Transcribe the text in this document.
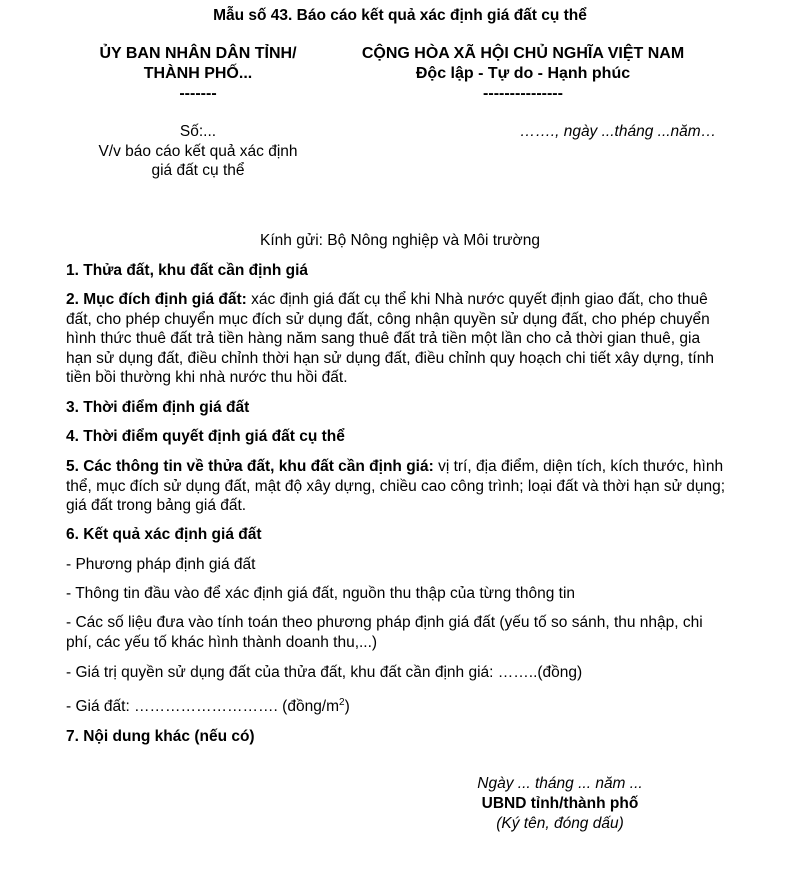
Mẫu số 43. Báo cáo kết quả xác định giá đất cụ thể
ỦY BAN NHÂN DÂN TỈNH/
THÀNH PHỐ...
-------
CỘNG HÒA XÃ HỘI CHỦ NGHĨA VIỆT NAM
Độc lập - Tự do - Hạnh phúc
---------------
Số:...
V/v báo cáo kết quả xác định
giá đất cụ thể
……., ngày ...tháng ...năm…
Kính gửi: Bộ Nông nghiệp và Môi trường
1. Thửa đất, khu đất cần định giá
2. Mục đích định giá đất: xác định giá đất cụ thể khi Nhà nước quyết định giao đất, cho thuê đất, cho phép chuyển mục đích sử dụng đất, công nhận quyền sử dụng đất, cho phép chuyển hình thức thuê đất trả tiền hàng năm sang thuê đất trả tiền một lần cho cả thời gian thuê, gia hạn sử dụng đất, điều chỉnh thời hạn sử dụng đất, điều chỉnh quy hoạch chi tiết xây dựng, tính tiền bồi thường khi nhà nước thu hồi đất.
3. Thời điểm định giá đất
4. Thời điểm quyết định giá đất cụ thể
5. Các thông tin về thửa đất, khu đất cần định giá: vị trí, địa điểm, diện tích, kích thước, hình thể, mục đích sử dụng đất, mật độ xây dựng, chiều cao công trình; loại đất và thời hạn sử dụng; giá đất trong bảng giá đất.
6. Kết quả xác định giá đất
- Phương pháp định giá đất
- Thông tin đầu vào để xác định giá đất, nguồn thu thập của từng thông tin
- Các số liệu đưa vào tính toán theo phương pháp định giá đất (yếu tố so sánh, thu nhập, chi phí, các yếu tố khác hình thành doanh thu,...)
- Giá trị quyền sử dụng đất của thửa đất, khu đất cần định giá: ……..(đồng)
- Giá đất: ………………………. $(đồng/m^2)$
7. Nội dung khác (nếu có)
Ngày ... tháng ... năm ...
UBND tỉnh/thành phố
(Ký tên, đóng dấu)
